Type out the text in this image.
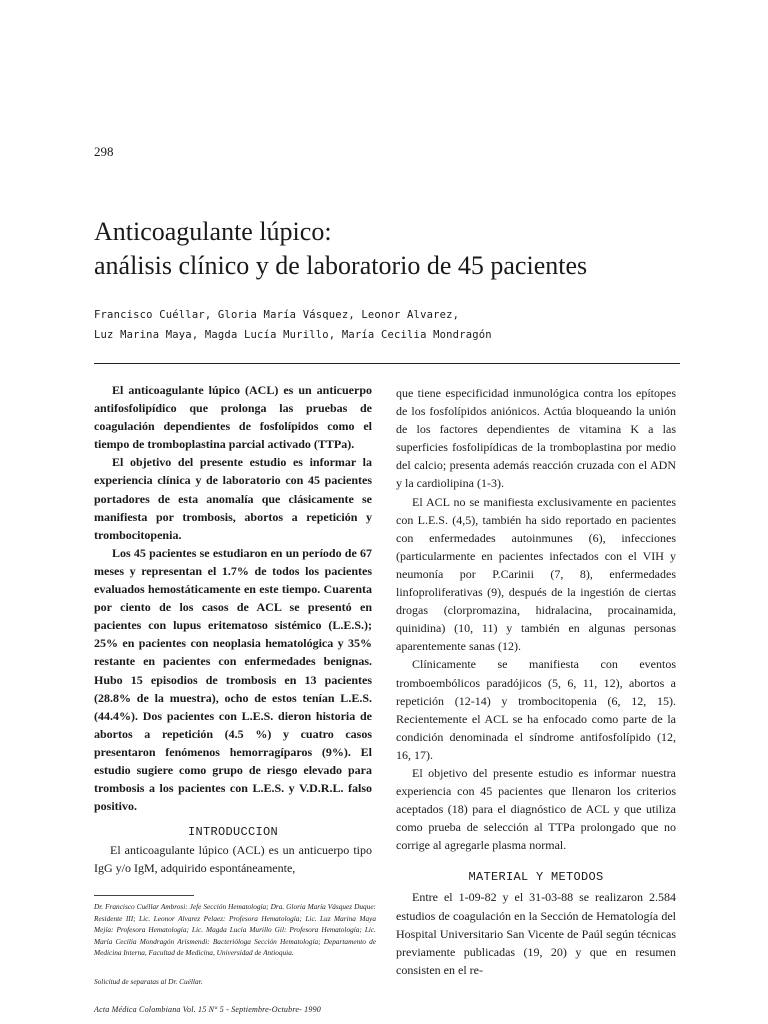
298
Anticoagulante lúpico:
análisis clínico y de laboratorio de 45 pacientes
Francisco Cuéllar, Gloria María Vásquez, Leonor Alvarez,
Luz Marina Maya, Magda Lucía Murillo, María Cecilia Mondragón

El anticoagulante lúpico (ACL) es un anticuerpo antifosfolipídico que prolonga las pruebas de coagulación dependientes de fosfolípidos como el tiempo de tromboplastina parcial activado (TTPa).

El objetivo del presente estudio es informar la experiencia clínica y de laboratorio con 45 pacientes portadores de esta anomalía que clásicamente se manifiesta por trombosis, abortos a repetición y trombocitopenia.

Los 45 pacientes se estudiaron en un período de 67 meses y representan el 1.7% de todos los pacientes evaluados hemostáticamente en este tiempo. Cuarenta por ciento de los casos de ACL se presentó en pacientes con lupus eritematoso sistémico (L.E.S.); 25% en pacientes con neoplasia hematológica y 35% restante en pacientes con enfermedades benignas. Hubo 15 episodios de trombosis en 13 pacientes (28.8% de la muestra), ocho de estos tenían L.E.S. (44.4%). Dos pacientes con L.E.S. dieron historia de abortos a repetición (4.5 %) y cuatro casos presentaron fenómenos hemorragíparos (9%). El estudio sugiere como grupo de riesgo elevado para trombosis a los pacientes con L.E.S. y V.D.R.L. falso positivo.

INTRODUCCION

El anticoagulante lúpico (ACL) es un anticuerpo tipo IgG y/o IgM, adquirido espontáneamente,

que tiene especificidad inmunológica contra los epítopes de los fosfolípidos aniónicos. Actúa bloqueando la unión de los factores dependientes de vitamina K a las superficies fosfolipídicas de la tromboplastina por medio del calcio; presenta además reacción cruzada con el ADN y la cardiolipina (1-3).

El ACL no se manifiesta exclusivamente en pacientes con L.E.S. (4,5), también ha sido reportado en pacientes con enfermedades autoinmunes (6), infecciones (particularmente en pacientes infectados con el VIH y neumonía por P.Carinii (7, 8), enfermedades linfoproliferativas (9), después de la ingestión de ciertas drogas (clorpromazina, hidralacina, procainamida, quinidina) (10, 11) y también en algunas personas aparentemente sanas (12).

Clínicamente se manifiesta con eventos tromboembólicos paradójicos (5, 6, 11, 12), abortos a repetición (12-14) y trombocitopenia (6, 12, 15). Recientemente el ACL se ha enfocado como parte de la condición denominada el síndrome antifosfolípido (12, 16, 17).

El objetivo del presente estudio es informar nuestra experiencia con 45 pacientes que llenaron los criterios aceptados (18) para el diagnóstico de ACL y que utiliza como prueba de selección al TTPa prolongado que no corrige al agregarle plasma normal.

MATERIAL Y METODOS

Entre el 1-09-82 y el 31-03-88 se realizaron 2.584 estudios de coagulación en la Sección de Hematología del Hospital Universitario San Vicente de Paúl según técnicas previamente publicadas (19, 20) y que en resumen consisten en el re-

Dr. Francisco Cuéllar Ambrosi: Jefe Sección Hematología; Dra. Gloria María Vásquez Duque: Residente III; Lic. Leonor Alvarez Pelaez: Profesora Hematología; Lic. Luz Marina Maya Mejía: Profesora Hematología; Lic. Magda Lucía Murillo Gil: Profesora Hematología; Lic. María Cecilia Mondragón Arismendi: Bacterióloga Sección Hematología; Departamento de Medicina Interna, Facultad de Medicina, Universidad de Antioquia.
Solicitud de separatas al Dr. Cuéllar.
Acta Médica Colombiana Vol. 15 N° 5 - Septiembre-Octubre- 1990
